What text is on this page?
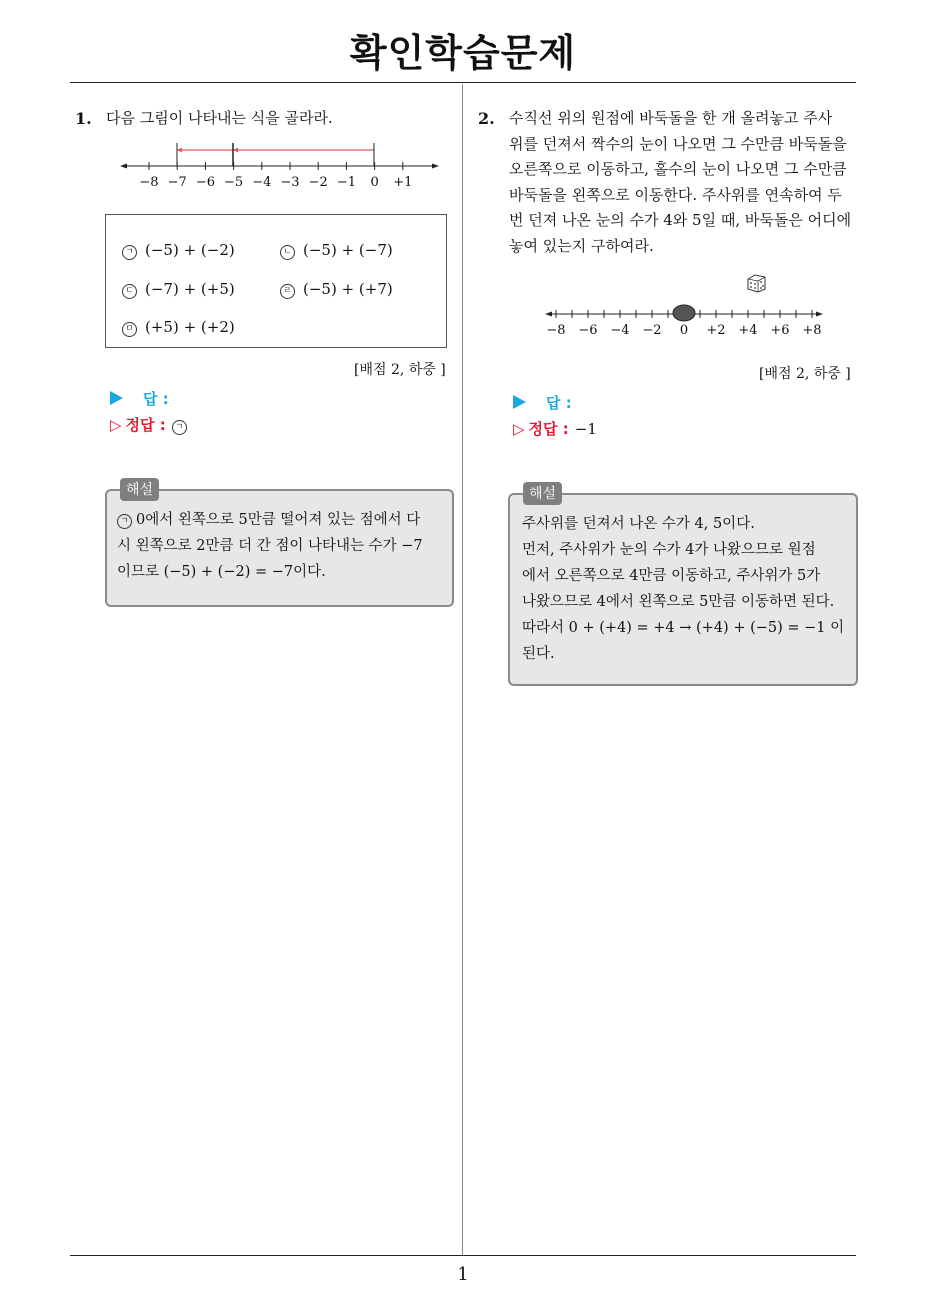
확인학습문제
1. 다음 그림이 나타내는 식을 골라라.
−8 −7 −6 −5 −4 −3 −2 −1 0 +1
ㄱ (−5) + (−2)	ㄴ (−5) + (−7)
ㄷ (−7) + (+5)	ㄹ (−5) + (+7)
ㅁ (+5) + (+2)
[배점 2, 하중 ]
답 :
▷ 정답 : ㄱ
ㄱ 0에서 왼쪽으로 5만큼 떨어져 있는 점에서 다
시 왼쪽으로 2만큼 더 간 점이 나타내는 수가 −7
이므로 (−5) + (−2) = −7이다.
해설
2. 수직선 위의 원점에 바둑돌을 한 개 올려놓고 주사
위를 던져서 짝수의 눈이 나오면 그 수만큼 바둑돌을
오른쪽으로 이동하고, 홀수의 눈이 나오면 그 수만큼
바둑돌을 왼쪽으로 이동한다. 주사위를 연속하여 두
번 던져 나온 눈의 수가 4와 5일 때, 바둑돌은 어디에
놓여 있는지 구하여라.
−8 −6 −4 −2 0 +2 +4 +6 +8
[배점 2, 하중 ]
답 :
▷ 정답 : −1
주사위를 던져서 나온 수가 4, 5이다.
먼저, 주사위가 눈의 수가 4가 나왔으므로 원점
에서 오른쪽으로 4만큼 이동하고, 주사위가 5가
나왔으므로 4에서 왼쪽으로 5만큼 이동하면 된다.
따라서 0 + (+4) = +4 → (+4) + (−5) = −1 이
된다.
해설
1
